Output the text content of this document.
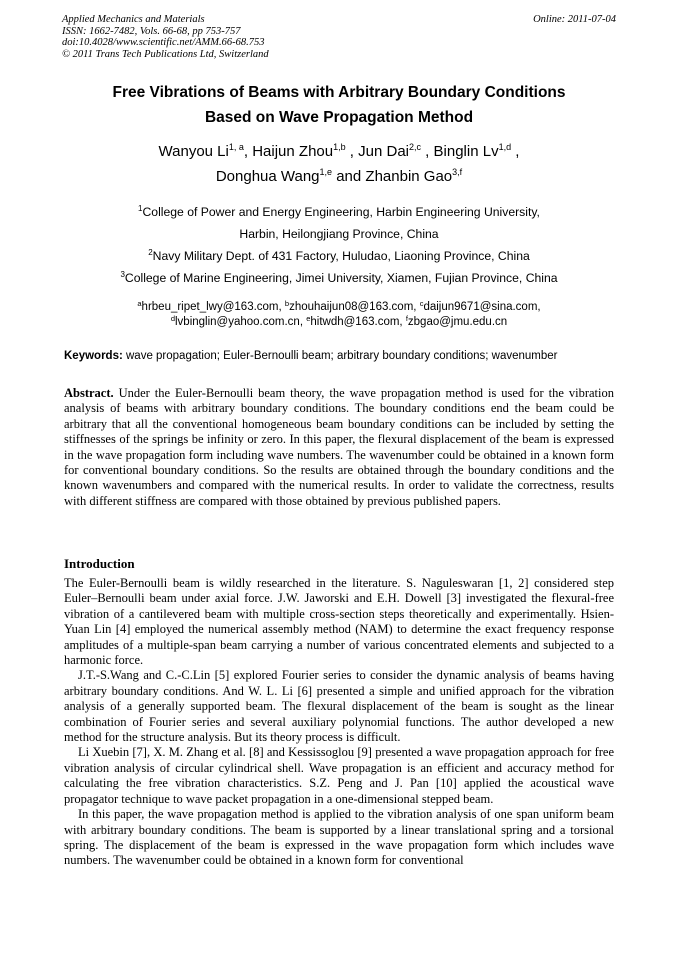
Applied Mechanics and Materials
ISSN: 1662-7482, Vols. 66-68, pp 753-757
doi:10.4028/www.scientific.net/AMM.66-68.753
© 2011 Trans Tech Publications Ltd, Switzerland
Online: 2011-07-04
Free Vibrations of Beams with Arbitrary Boundary Conditions
Based on Wave Propagation Method
Wanyou Li$^{1, a}$, Haijun Zhou$^{1,b}$ , Jun Dai$^{2,c}$ , Binglin Lv$^{1,d}$ ,
Donghua Wang$^{1,e}$ and Zhanbin Gao$^{3,f}$
$^1$College of Power and Energy Engineering, Harbin Engineering University,
Harbin, Heilongjiang Province, China
$^2$Navy Military Dept. of 431 Factory, Huludao, Liaoning Province, China
$^3$College of Marine Engineering, Jimei University, Xiamen, Fujian Province, China
$^a$hrbeu_ripet_lwy@163.com, $^b$zhouhaijun08@163.com, $^c$daijun9671@sina.com,
$^d$lvbinglin@yahoo.com.cn, $^e$hitwdh@163.com, $^f$zbgao@jmu.edu.cn
Keywords: wave propagation; Euler-Bernoulli beam; arbitrary boundary conditions; wavenumber
Abstract. Under the Euler-Bernoulli beam theory, the wave propagation method is used for the vibration analysis of beams with arbitrary boundary conditions. The boundary conditions end the beam could be arbitrary that all the conventional homogeneous beam boundary conditions can be included by setting the stiffnesses of the springs be infinity or zero. In this paper, the flexural displacement of the beam is expressed in the wave propagation form including wave numbers. The wavenumber could be obtained in a known form for conventional boundary conditions. So the results are obtained through the boundary conditions and the known wavenumbers and compared with the numerical results. In order to validate the correctness, results with different stiffness are compared with those obtained by previous published papers.
Introduction

The Euler-Bernoulli beam is wildly researched in the literature. S. Naguleswaran [1, 2] considered step Euler–Bernoulli beam under axial force. J.W. Jaworski and E.H. Dowell [3] investigated the flexural-free vibration of a cantilevered beam with multiple cross-section steps theoretically and experimentally. Hsien-Yuan Lin [4] employed the numerical assembly method (NAM) to determine the exact frequency response amplitudes of a multiple-span beam carrying a number of various concentrated elements and subjected to a harmonic force.

J.T.-S.Wang and C.-C.Lin [5] explored Fourier series to consider the dynamic analysis of beams having arbitrary boundary conditions. And W. L. Li [6] presented a simple and unified approach for the vibration analysis of a generally supported beam. The flexural displacement of the beam is sought as the linear combination of Fourier series and several auxiliary polynomial functions. The author developed a new method for the structure analysis. But its theory process is difficult.

Li Xuebin [7], X. M. Zhang et al. [8] and Kessissoglou [9] presented a wave propagation approach for free vibration analysis of circular cylindrical shell. Wave propagation is an efficient and accuracy method for calculating the free vibration characteristics. S.Z. Peng and J. Pan [10] applied the acoustical wave propagator technique to wave packet propagation in a one-dimensional stepped beam.

In this paper, the wave propagation method is applied to the vibration analysis of one span uniform beam with arbitrary boundary conditions. The beam is supported by a linear translational spring and a torsional spring. The displacement of the beam is expressed in the wave propagation form which includes wave numbers. The wavenumber could be obtained in a known form for conventional
